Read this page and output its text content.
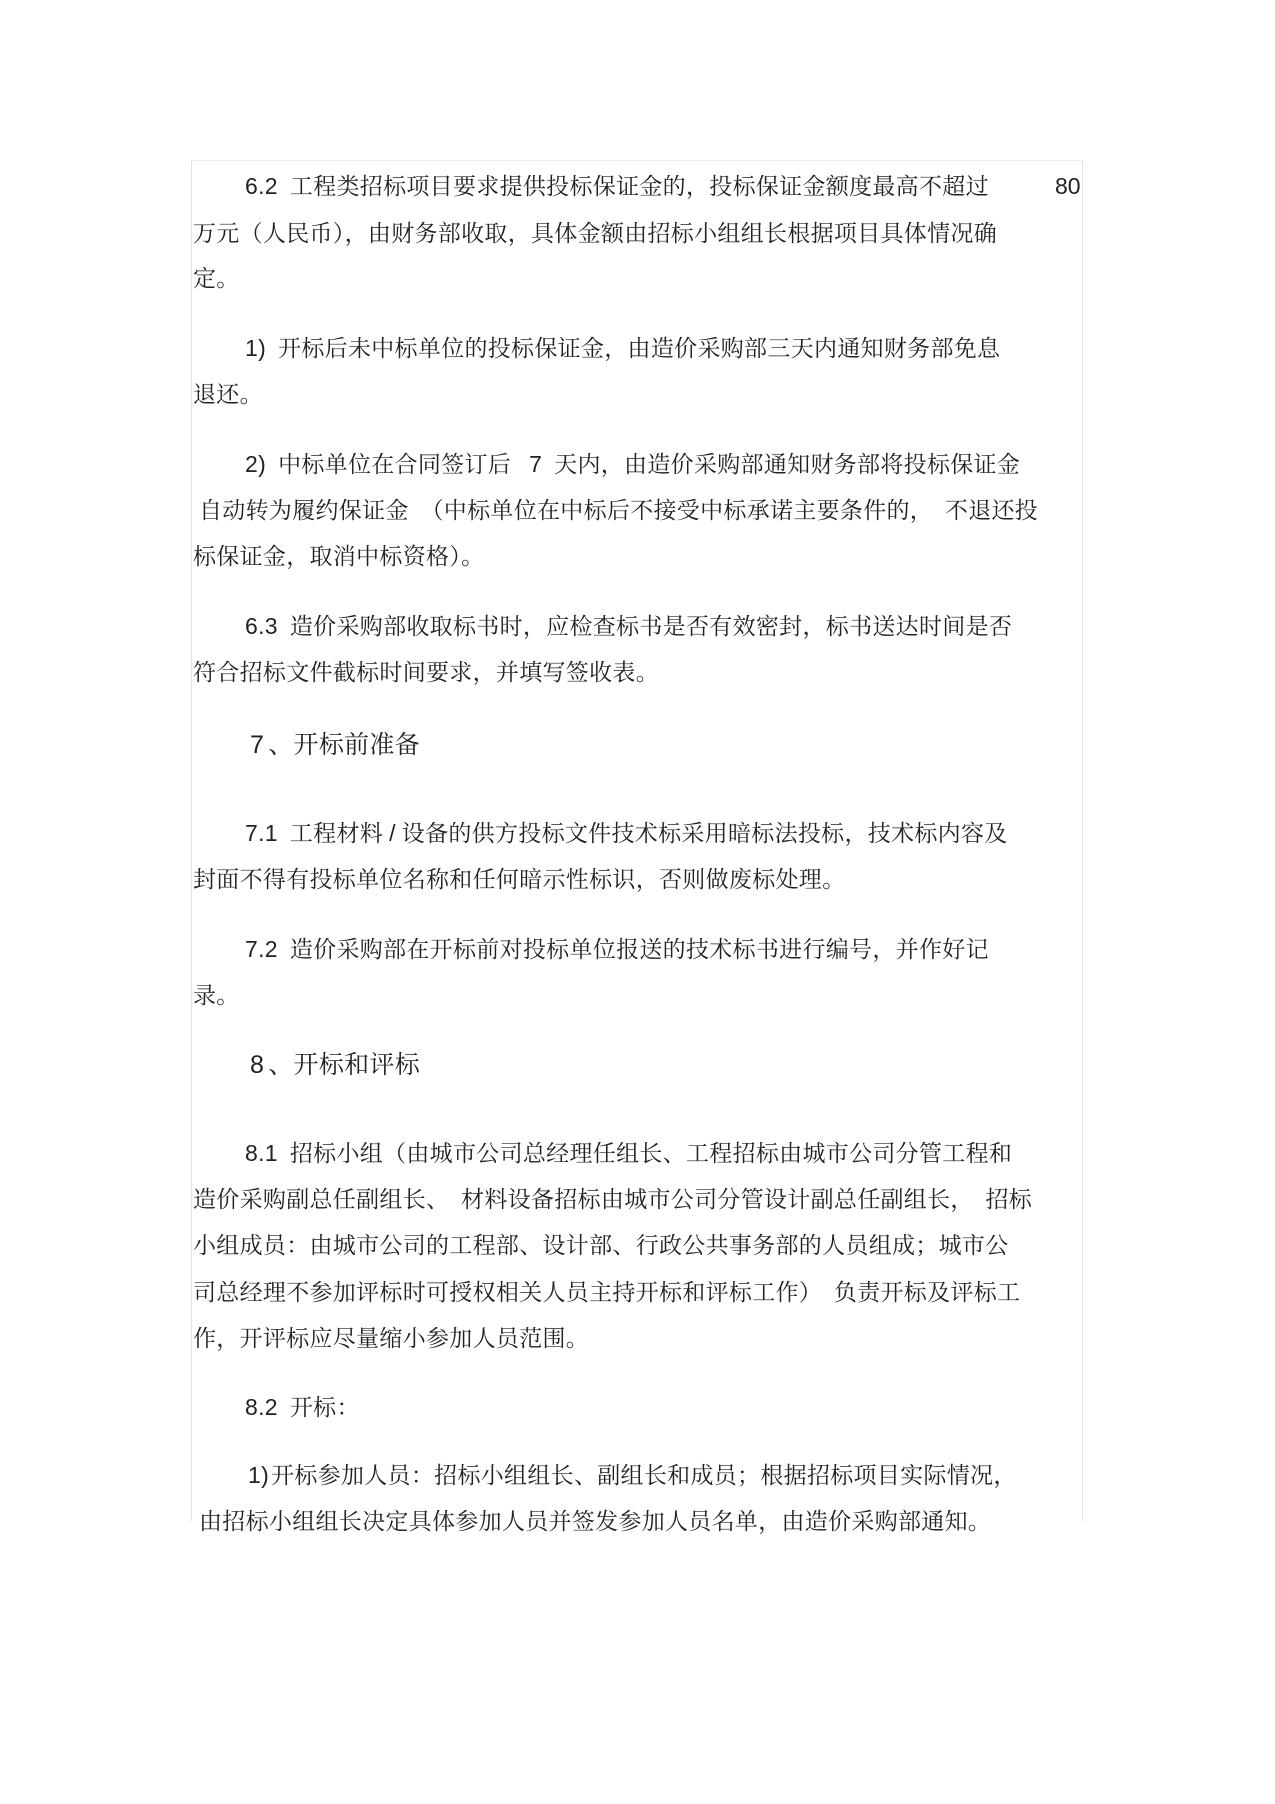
6.2 工程类招标项目要求提供投标保证金的，投标保证金额度最高不超过	80
万元（人民币），由财务部收取，具体金额由招标小组组长根据项目具体情况确
定。
1) 开标后未中标单位的投标保证金，由造价采购部三天内通知财务部免息
退还。
2) 中标单位在合同签订后 7 天内，由造价采购部通知财务部将投标保证金
自动转为履约保证金　（中标单位在中标后不接受中标承诺主要条件的，　不退还投
标保证金，取消中标资格）。
6.3 造价采购部收取标书时，应检查标书是否有效密封，标书送达时间是否
符合招标文件截标时间要求，并填写签收表。
7 、开标前准备
7.1 工程材料 / 设备的供方投标文件技术标采用暗标法投标，技术标内容及
封面不得有投标单位名称和任何暗示性标识，否则做废标处理。
7.2 造价采购部在开标前对投标单位报送的技术标书进行编号，并作好记
录。
8 、开标和评标
8.1 招标小组（由城市公司总经理任组长、工程招标由城市公司分管工程和
造价采购副总任副组长、　材料设备招标由城市公司分管设计副总任副组长，　招标
小组成员：由城市公司的工程部、设计部、行政公共事务部的人员组成；城市公
司总经理不参加评标时可授权相关人员主持开标和评标工作）　负责开标及评标工
作，开评标应尽量缩小参加人员范围。
8.2 开标：
1)开标参加人员：招标小组组长、副组长和成员；根据招标项目实际情况，
由招标小组组长决定具体参加人员并签发参加人员名单，由造价采购部通知。
